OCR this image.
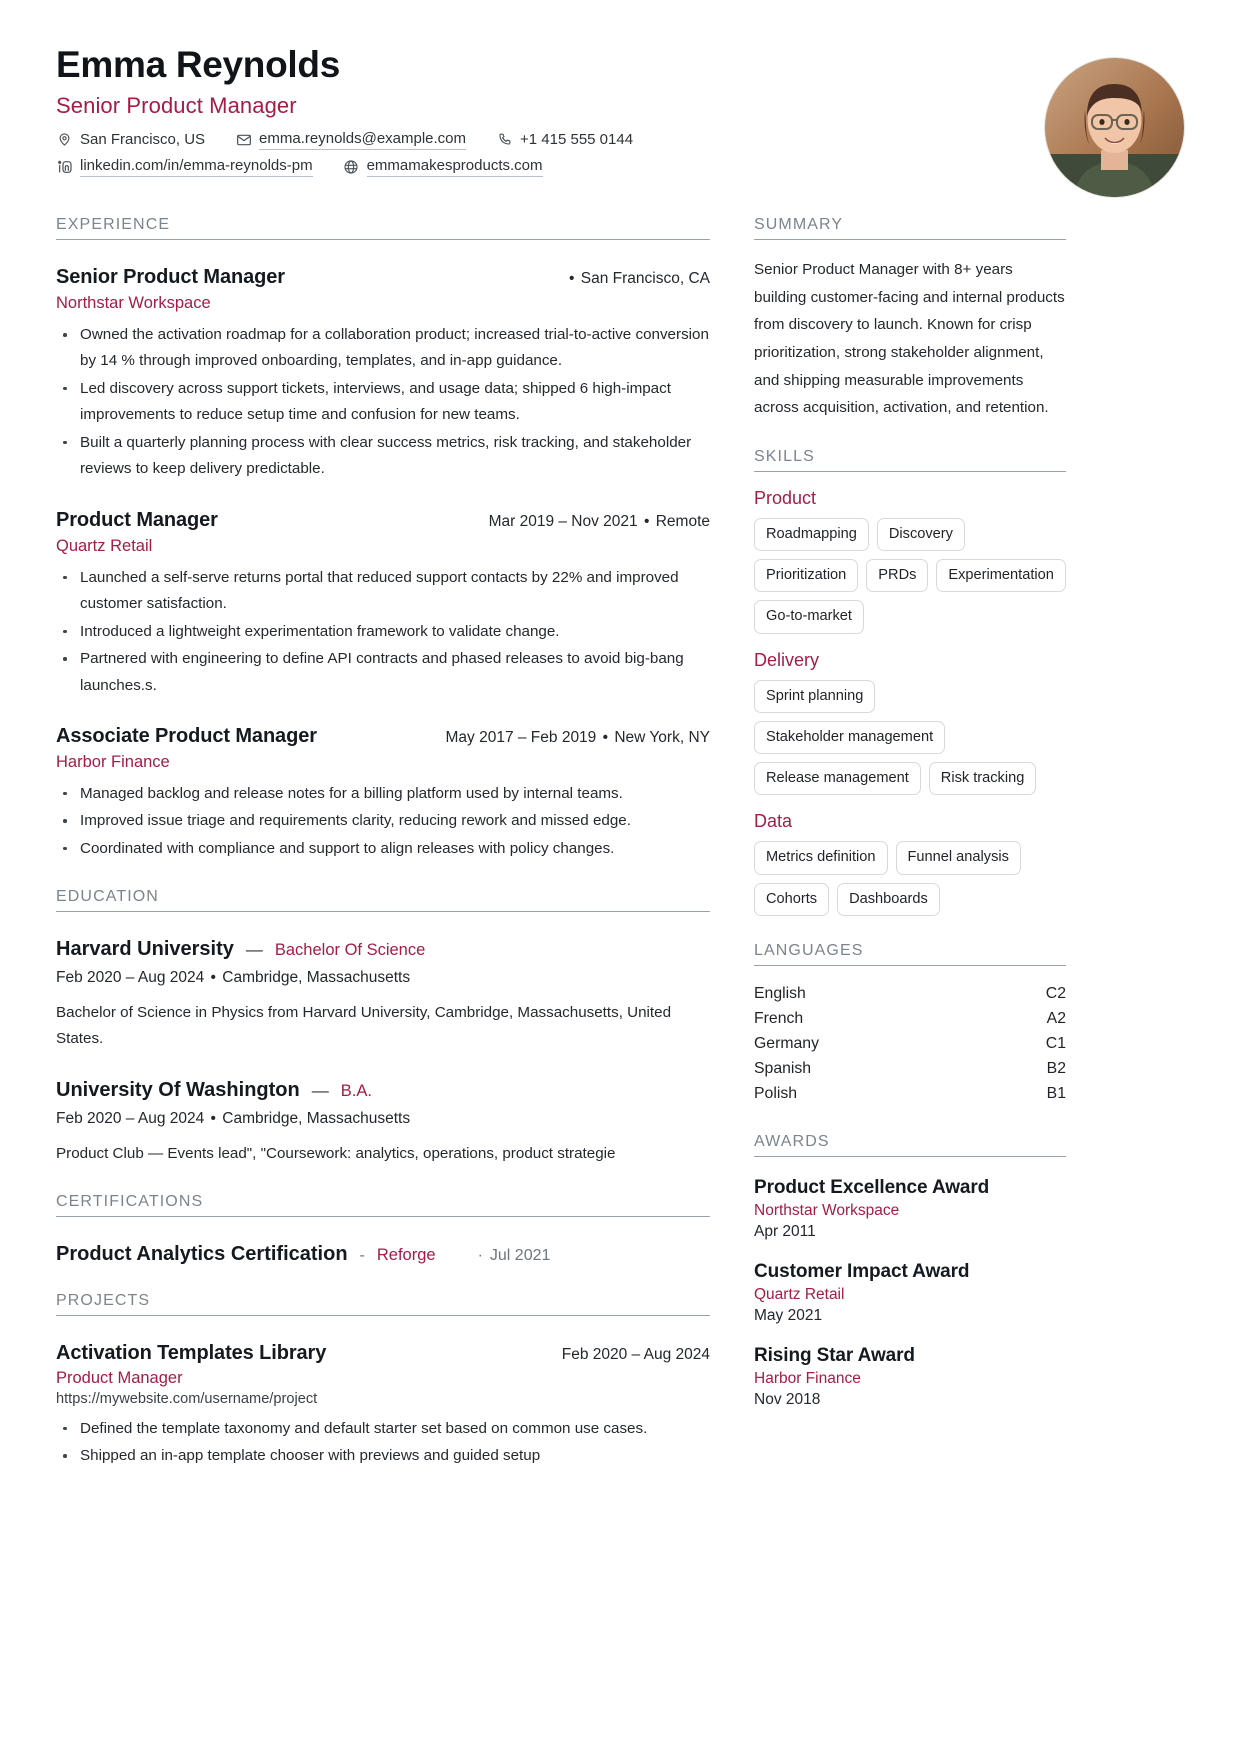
Emma Reynolds
Senior Product Manager
San Francisco, US	emma.reynolds@example.com	+1 415 555 0144
linkedin.com/in/emma-reynolds-pm	emmamakesproducts.com
EXPERIENCE
Senior Product Manager	• San Francisco, CA
Northstar Workspace
Owned the activation roadmap for a collaboration product; increased trial-to-active conversion by 14 % through improved onboarding, templates, and in-app guidance.
Led discovery across support tickets, interviews, and usage data; shipped 6 high-impact improvements to reduce setup time and confusion for new teams.
Built a quarterly planning process with clear success metrics, risk tracking, and stakeholder reviews to keep delivery predictable.
Product Manager	Mar 2019 – Nov 2021 • Remote
Quartz Retail
Launched a self-serve returns portal that reduced support contacts by 22% and improved customer satisfaction.
Introduced a lightweight experimentation framework to validate change.
Partnered with engineering to define API contracts and phased releases to avoid big-bang launches.s.
Associate Product Manager	May 2017 – Feb 2019 • New York, NY
Harbor Finance
Managed backlog and release notes for a billing platform used by internal teams.
Improved issue triage and requirements clarity, reducing rework and missed edge.
Coordinated with compliance and support to align releases with policy changes.
EDUCATION
Harvard University — Bachelor Of Science
Feb 2020 – Aug 2024 • Cambridge, Massachusetts
Bachelor of Science in Physics from Harvard University, Cambridge, Massachusetts, United States.
University Of Washington — B.A.
Feb 2020 – Aug 2024 • Cambridge, Massachusetts
Product Club — Events lead", "Coursework: analytics, operations, product strategie
CERTIFICATIONS
Product Analytics Certification - Reforge	· Jul 2021
PROJECTS
Activation Templates Library	Feb 2020 – Aug 2024
Product Manager
https://mywebsite.com/username/project
Defined the template taxonomy and default starter set based on common use cases.
Shipped an in-app template chooser with previews and guided setup
SUMMARY
Senior Product Manager with 8+ years building customer-facing and internal products from discovery to launch. Known for crisp prioritization, strong stakeholder alignment, and shipping measurable improvements across acquisition, activation, and retention.
SKILLS
Product
Roadmapping	Discovery
Prioritization	PRDs	Experimentation
Go-to-market
Delivery
Sprint planning
Stakeholder management
Release management	Risk tracking
Data
Metrics definition	Funnel analysis
Cohorts	Dashboards
LANGUAGES
English	C2
French	A2
Germany	C1
Spanish	B2
Polish	B1
AWARDS
Product Excellence Award
Northstar Workspace
Apr 2011
Customer Impact Award
Quartz Retail
May 2021
Rising Star Award
Harbor Finance
Nov 2018
